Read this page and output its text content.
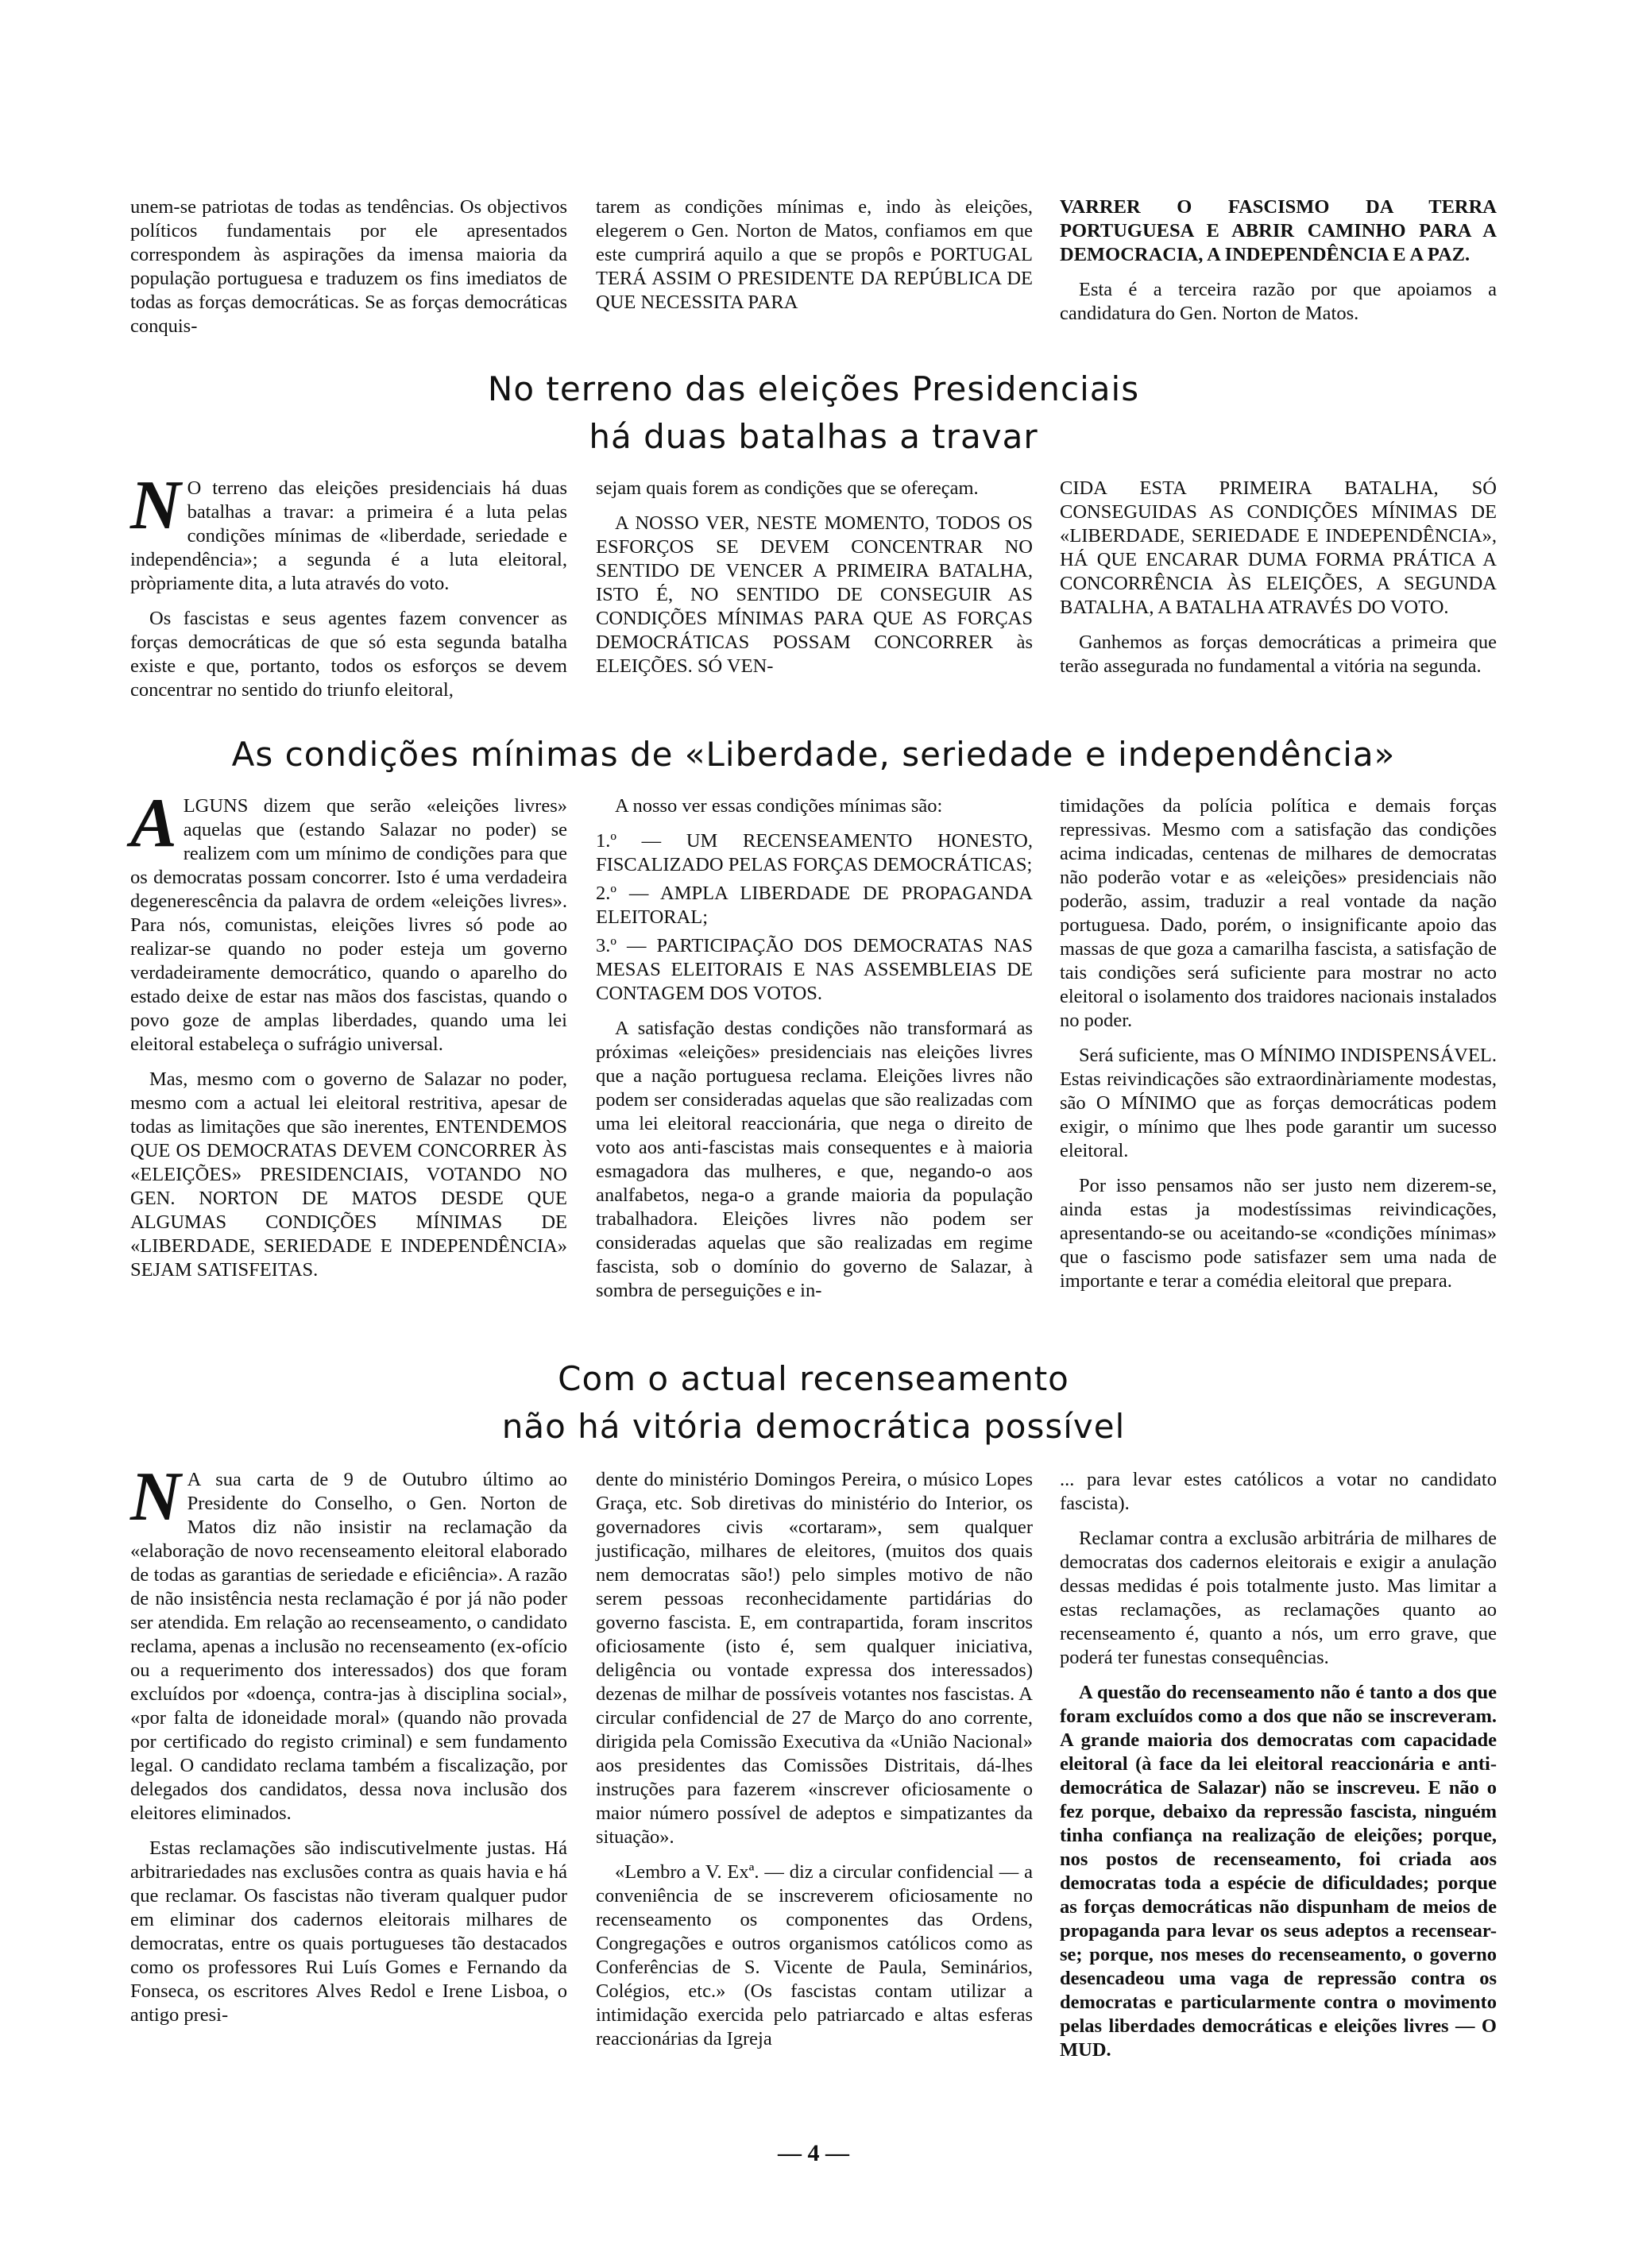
unem-se patriotas de todas as tendências. Os objectivos políticos fundamentais por ele apresentados correspondem às aspirações da imensa maioria da população portuguesa e traduzem os fins imediatos de todas as forças democráticas. Se as forças democráticas conquis-

tarem as condições mínimas e, indo às eleições, elegerem o Gen. Norton de Matos, confiamos em que este cumprirá aquilo a que se propôs e PORTUGAL TERÁ ASSIM O PRESIDENTE DA REPÚBLICA DE QUE NECESSITA PARA

VARRER O FASCISMO DA TERRA PORTUGUESA E ABRIR CAMINHO PARA A DEMOCRACIA, A INDEPENDÊNCIA E A PAZ.

Esta é a terceira razão por que apoiamos a candidatura do Gen. Norton de Matos.

No terreno das eleições Presidenciais
há duas batalhas a travar

N O terreno das eleições presidenciais há duas batalhas a travar: a primeira é a luta pelas condições mínimas de «liberdade, seriedade e independência»; a segunda é a luta eleitoral, pròpriamente dita, a luta através do voto.

Os fascistas e seus agentes fazem convencer as forças democráticas de que só esta segunda batalha existe e que, portanto, todos os esforços se devem concentrar no sentido do triunfo eleitoral,

sejam quais forem as condições que se ofereçam.

A NOSSO VER, NESTE MOMENTO, TODOS OS ESFORÇOS SE DEVEM CONCENTRAR NO SENTIDO DE VENCER A PRIMEIRA BATALHA, ISTO É, NO SENTIDO DE CONSEGUIR AS CONDIÇÕES MÍNIMAS PARA QUE AS FORÇAS DEMOCRÁTICAS POSSAM CONCORRER às ELEIÇÕES. SÓ VEN-

CIDA ESTA PRIMEIRA BATALHA, SÓ CONSEGUIDAS AS CONDIÇÕES MÍNIMAS DE «LIBERDADE, SERIEDADE E INDEPENDÊNCIA», HÁ QUE ENCARAR DUMA FORMA PRÁTICA A CONCORRÊNCIA ÀS ELEIÇÕES, A SEGUNDA BATALHA, A BATALHA ATRAVÉS DO VOTO.

Ganhemos as forças democráticas a primeira que terão assegurada no fundamental a vitória na segunda.

As condições mínimas de «Liberdade, seriedade e independência»

ALGUNS dizem que serão «eleições livres» aquelas que (estando Salazar no poder) se realizem com um mínimo de condições para que os democratas possam concorrer. Isto é uma verdadeira degenerescência da palavra de ordem «eleições livres». Para nós, comunistas, eleições livres só pode ao realizar-se quando no poder esteja um governo verdadeiramente democrático, quando o aparelho do estado deixe de estar nas mãos dos fascistas, quando o povo goze de amplas liberdades, quando uma lei eleitoral estabeleça o sufrágio universal.

Mas, mesmo com o governo de Salazar no poder, mesmo com a actual lei eleitoral restritiva, apesar de todas as limitações que são inerentes, ENTENDEMOS QUE OS DEMOCRATAS DEVEM CONCORRER ÀS «ELEIÇÕES» PRESIDENCIAIS, VOTANDO NO GEN. NORTON DE MATOS DESDE QUE ALGUMAS CONDIÇÕES MÍNIMAS DE «LIBERDADE, SERIEDADE E INDEPENDÊNCIA» SEJAM SATISFEITAS.

A nosso ver essas condições mínimas são:

1.º — UM RECENSEAMENTO HONESTO, FISCALIZADO PELAS FORÇAS DEMOCRÁTICAS;

2.º — AMPLA LIBERDADE DE PROPAGANDA ELEITORAL;

3.º — PARTICIPAÇÃO DOS DEMOCRATAS NAS MESAS ELEITORAIS E NAS ASSEMBLEIAS DE CONTAGEM DOS VOTOS.

A satisfação destas condições não transformará as próximas «eleições» presidenciais nas eleições livres que a nação portuguesa reclama. Eleições livres não podem ser consideradas aquelas que são realizadas com uma lei eleitoral reaccionária, que nega o direito de voto aos anti-fascistas mais consequentes e à maioria esmagadora das mulheres, e que, negando-o aos analfabetos, nega-o a grande maioria da população trabalhadora. Eleições livres não podem ser consideradas aquelas que são realizadas em regime fascista, sob o domínio do governo de Salazar, à sombra de perseguições e in-

timidações da polícia política e demais forças repressivas. Mesmo com a satisfação das condições acima indicadas, centenas de milhares de democratas não poderão votar e as «eleições» presidenciais não poderão, assim, traduzir a real vontade da nação portuguesa. Dado, porém, o insignificante apoio das massas de que goza a camarilha fascista, a satisfação de tais condições será suficiente para mostrar no acto eleitoral o isolamento dos traidores nacionais instalados no poder.

Será suficiente, mas O MÍNIMO INDISPENSÁVEL. Estas reivindicações são extraordinàriamente modestas, são O MÍNIMO que as forças democráticas podem exigir, o mínimo que lhes pode garantir um sucesso eleitoral.

Por isso pensamos não ser justo nem dizerem-se, ainda estas ja modestíssimas reivindicações, apresentando-se ou aceitando-se «condições mínimas» que o fascismo pode satisfazer sem uma nada de importante e terar a comédia eleitoral que prepara.

Com o actual recenseamento
não há vitória democrática possível

N A sua carta de 9 de Outubro último ao Presidente do Conselho, o Gen. Norton de Matos diz não insistir na reclamação da «elaboração de novo recenseamento eleitoral elaborado de todas as garantias de seriedade e eficiência». A razão de não insistência nesta reclamação é por já não poder ser atendida. Em relação ao recenseamento, o candidato reclama, apenas a inclusão no recenseamento (ex-ofício ou a requerimento dos interessados) dos que foram excluídos por «doença, contra-jas à disciplina social», «por falta de idoneidade moral» (quando não provada por certificado do registo criminal) e sem fundamento legal. O candidato reclama também a fiscalização, por delegados dos candidatos, dessa nova inclusão dos eleitores eliminados.

Estas reclamações são indiscutivelmente justas. Há arbitrariedades nas exclusões contra as quais havia e há que reclamar. Os fascistas não tiveram qualquer pudor em eliminar dos cadernos eleitorais milhares de democratas, entre os quais portugueses tão destacados como os professores Rui Luís Gomes e Fernando da Fonseca, os escritores Alves Redol e Irene Lisboa, o antigo presi-

dente do ministério Domingos Pereira, o músico Lopes Graça, etc. Sob diretivas do ministério do Interior, os governadores civis «cortaram», sem qualquer justificação, milhares de eleitores, (muitos dos quais nem democratas são!) pelo simples motivo de não serem pessoas reconhecidamente partidárias do governo fascista. E, em contrapartida, foram inscritos oficiosamente (isto é, sem qualquer iniciativa, deligência ou vontade expressa dos interessados) dezenas de milhar de possíveis votantes nos fascistas. A circular confidencial de 27 de Março do ano corrente, dirigida pela Comissão Executiva da «União Nacional» aos presidentes das Comissões Distritais, dá-lhes instruções para fazerem «inscrever oficiosamente o maior número possível de adeptos e simpatizantes da situação».

«Lembro a V. Exª. — diz a circular confidencial — a conveniência de se inscreverem oficiosamente no recenseamento os componentes das Ordens, Congregações e outros organismos católicos como as Conferências de S. Vicente de Paula, Seminários, Colégios, etc.» (Os fascistas contam utilizar a intimidação exercida pelo patriarcado e altas esferas reaccionárias da Igreja

... para levar estes católicos a votar no candidato fascista).

Reclamar contra a exclusão arbitrária de milhares de democratas dos cadernos eleitorais e exigir a anulação dessas medidas é pois totalmente justo. Mas limitar a estas reclamações, as reclamações quanto ao recenseamento é, quanto a nós, um erro grave, que poderá ter funestas consequências.

A questão do recenseamento não é tanto a dos que foram excluídos como a dos que não se inscreveram. A grande maioria dos democratas com capacidade eleitoral (à face da lei eleitoral reaccionária e anti-democrática de Salazar) não se inscreveu. E não o fez porque, debaixo da repressão fascista, ninguém tinha confiança na realização de eleições; porque, nos postos de recenseamento, foi criada aos democratas toda a espécie de dificuldades; porque as forças democráticas não dispunham de meios de propaganda para levar os seus adeptos a recensear-se; porque, nos meses do recenseamento, o governo desencadeou uma vaga de repressão contra os democratas e particularmente contra o movimento pelas liberdades democráticas e eleições livres — O MUD.

— 4 —
